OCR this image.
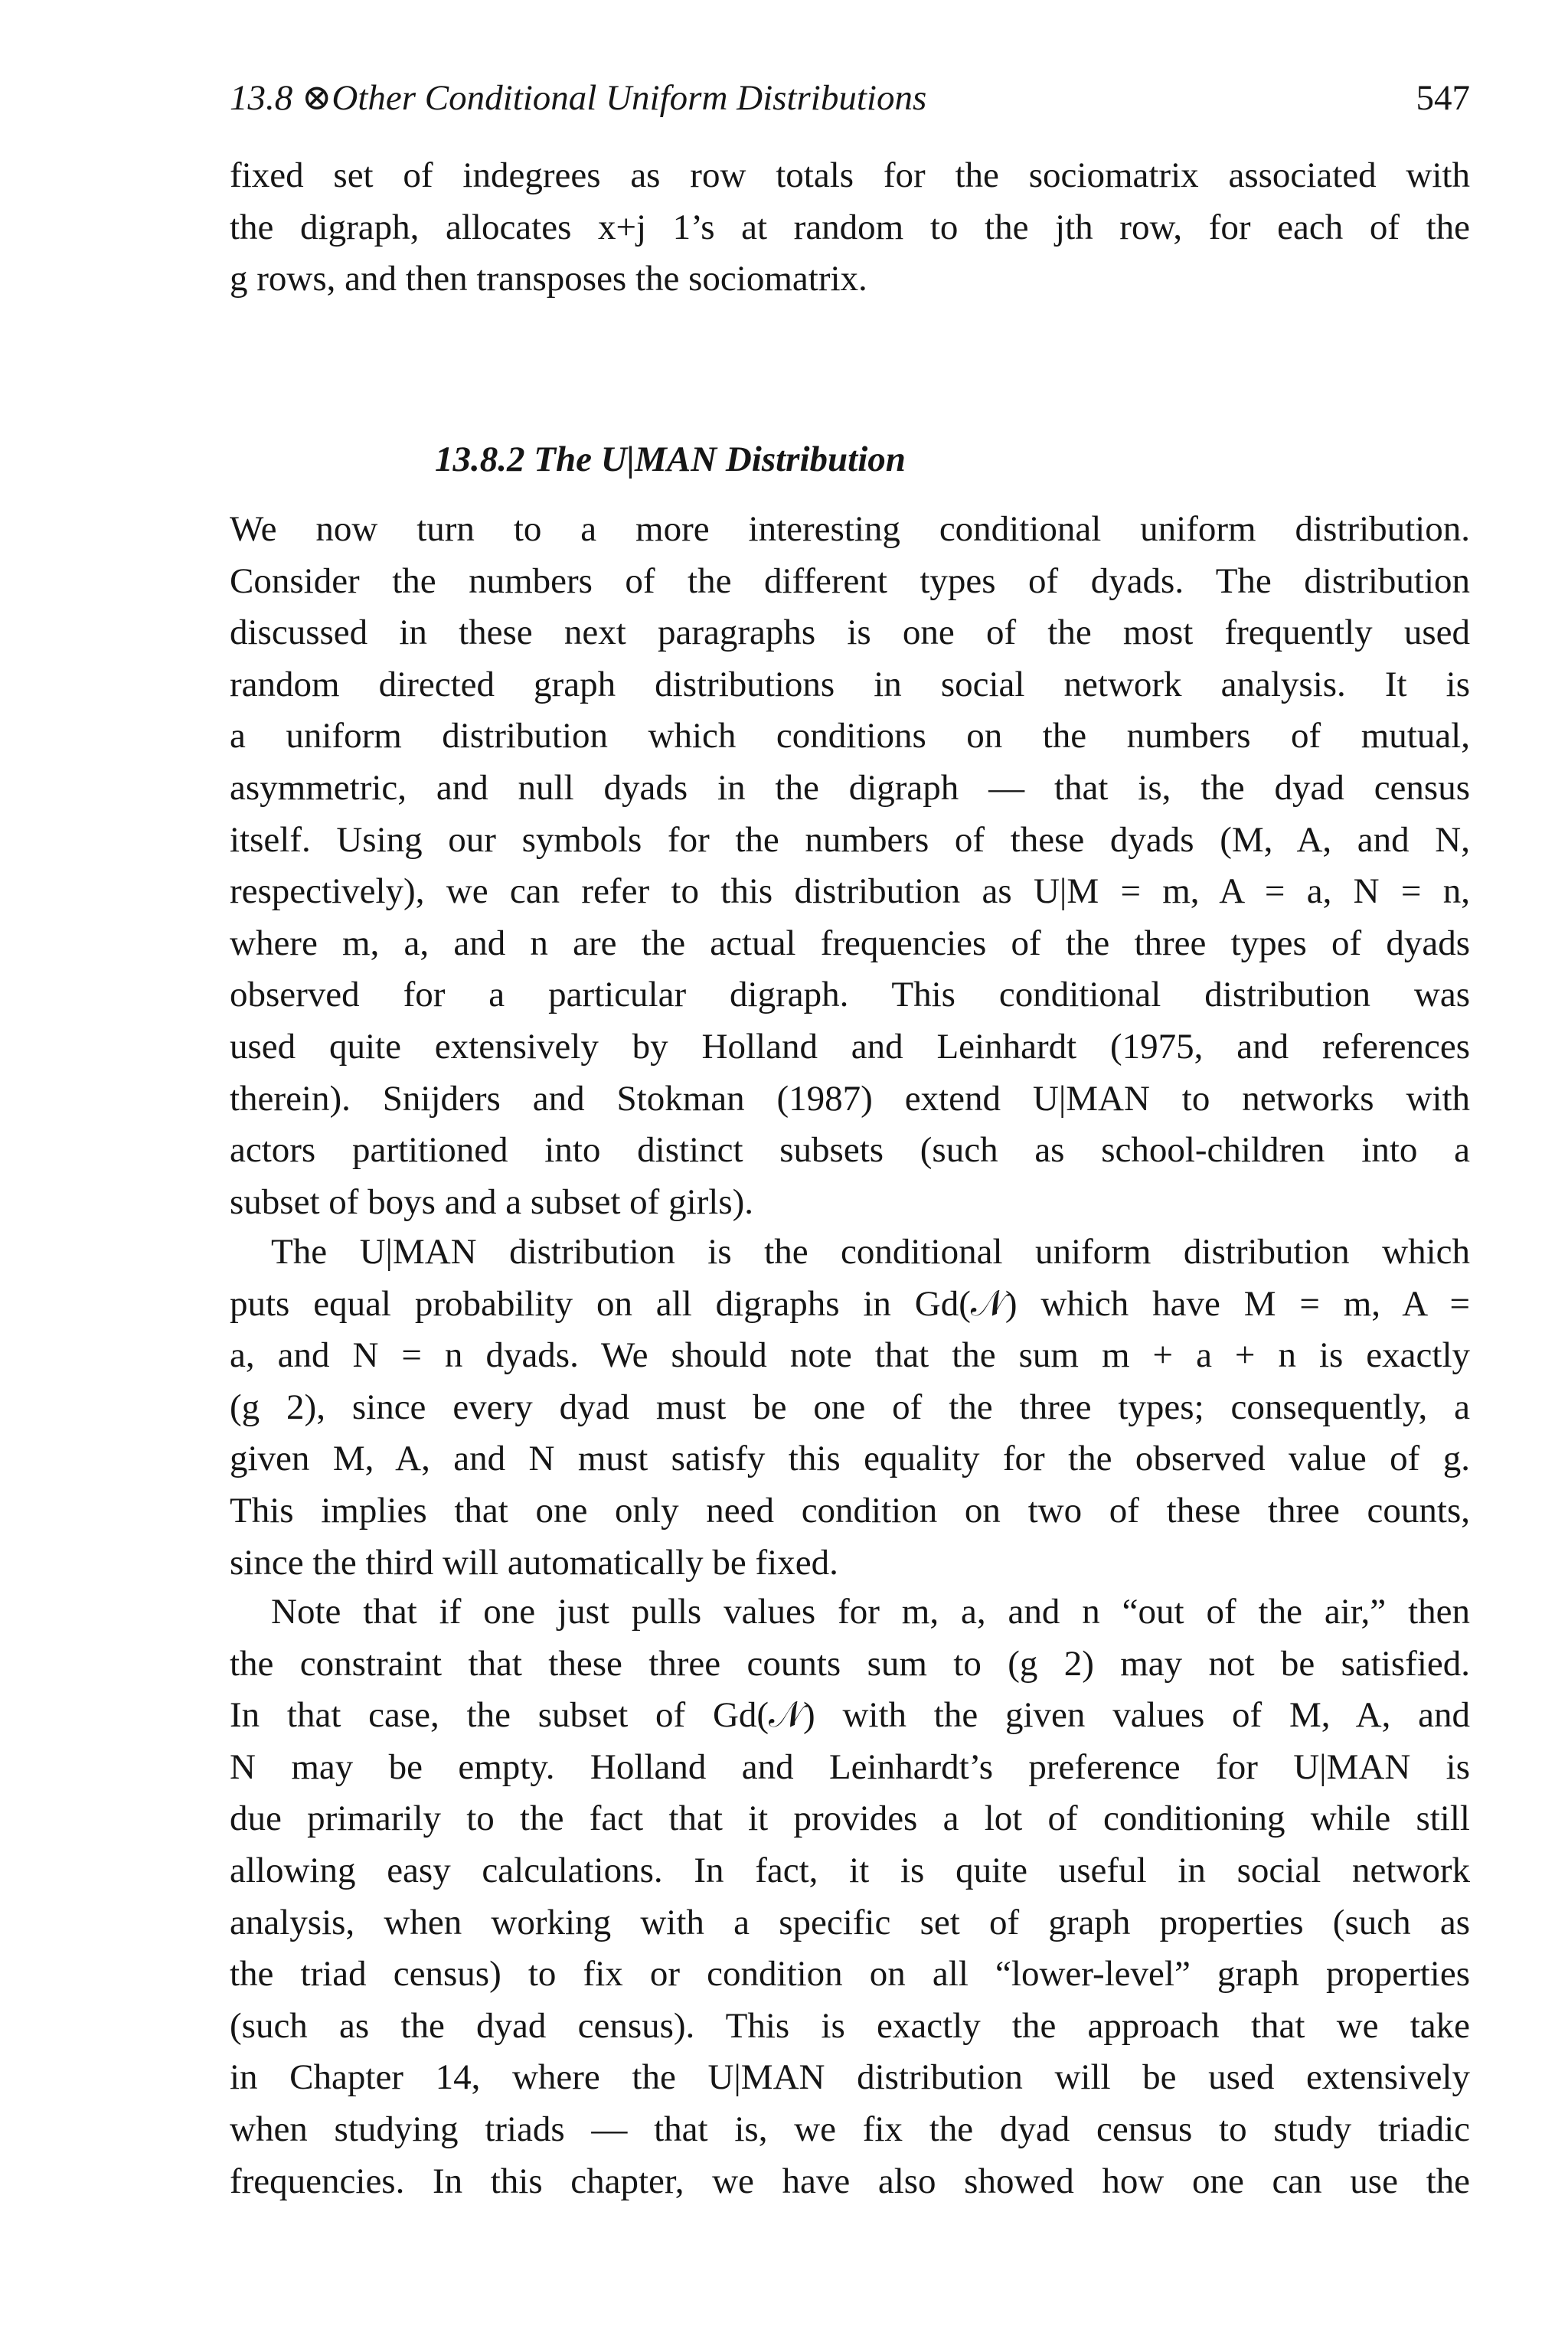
13.8 ⊗Other Conditional Uniform Distributions	547
fixed set of indegrees as row totals for the sociomatrix associated with
the digraph, allocates x+j 1’s at random to the jth row, for each of the
g rows, and then transposes the sociomatrix.
13.8.2 The U|MAN Distribution
We now turn to a more interesting conditional uniform distribution.
Consider the numbers of the different types of dyads. The distribution
discussed in these next paragraphs is one of the most frequently used
random directed graph distributions in social network analysis. It is
a uniform distribution which conditions on the numbers of mutual,
asymmetric, and null dyads in the digraph — that is, the dyad census
itself. Using our symbols for the numbers of these dyads (M, A, and N,
respectively), we can refer to this distribution as U|M = m, A = a, N = n,
where m, a, and n are the actual frequencies of the three types of dyads
observed for a particular digraph. This conditional distribution was
used quite extensively by Holland and Leinhardt (1975, and references
therein). Snijders and Stokman (1987) extend U|MAN to networks with
actors partitioned into distinct subsets (such as school-children into a
subset of boys and a subset of girls).
The U|MAN distribution is the conditional uniform distribution which
puts equal probability on all digraphs in Gd(𝒩) which have M = m, A =
a, and N = n dyads. We should note that the sum m + a + n is exactly
(g 2), since every dyad must be one of the three types; consequently, a
given M, A, and N must satisfy this equality for the observed value of g.
This implies that one only need condition on two of these three counts,
since the third will automatically be fixed.
Note that if one just pulls values for m, a, and n “out of the air,” then
the constraint that these three counts sum to (g 2) may not be satisfied.
In that case, the subset of Gd(𝒩) with the given values of M, A, and
N may be empty. Holland and Leinhardt’s preference for U|MAN is
due primarily to the fact that it provides a lot of conditioning while still
allowing easy calculations. In fact, it is quite useful in social network
analysis, when working with a specific set of graph properties (such as
the triad census) to fix or condition on all “lower-level” graph properties
(such as the dyad census). This is exactly the approach that we take
in Chapter 14, where the U|MAN distribution will be used extensively
when studying triads — that is, we fix the dyad census to study triadic
frequencies. In this chapter, we have also showed how one can use the
